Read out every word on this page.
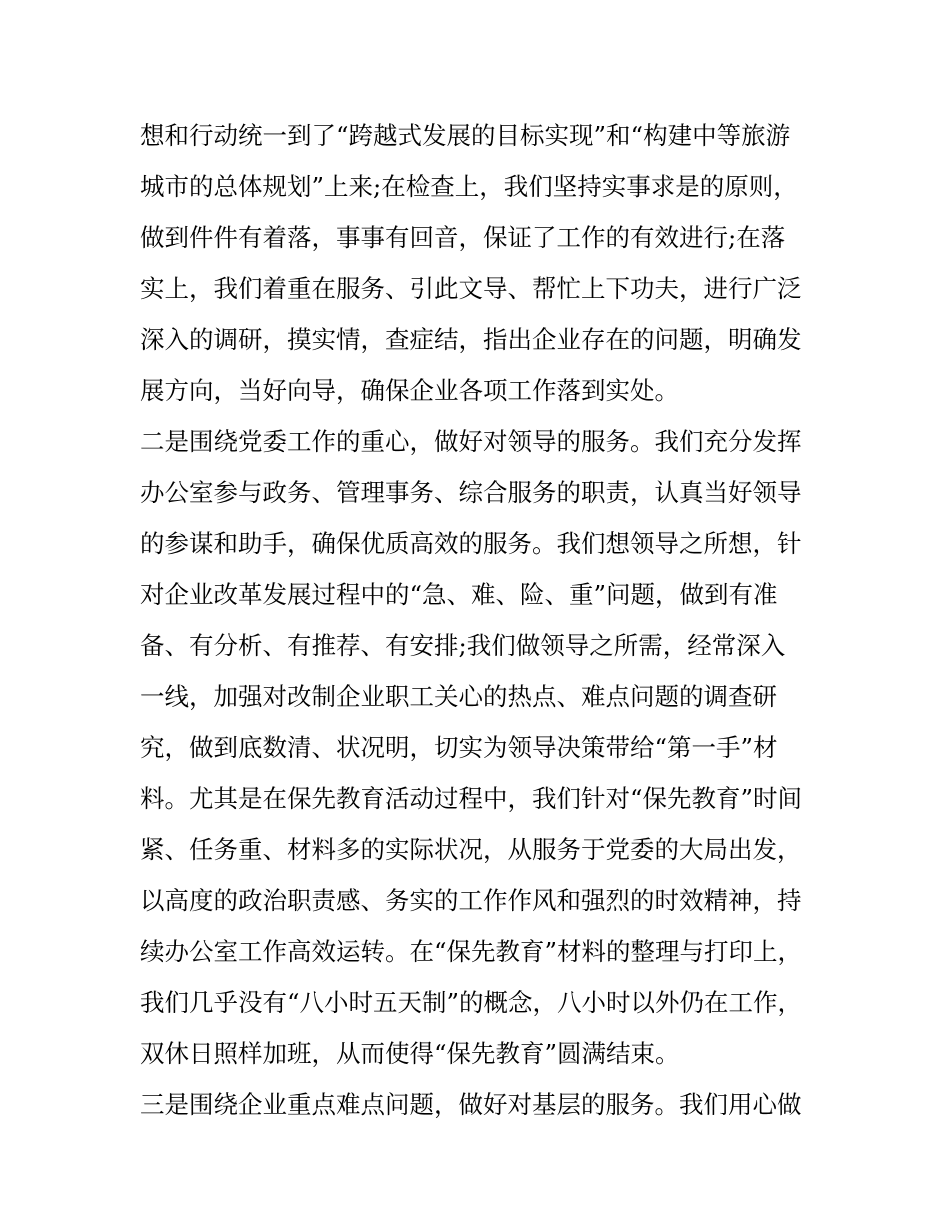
想和行动统一到了“跨越式发展的目标实现”和“构建中等旅游
城市的总体规划”上来;在检查上，我们坚持实事求是的原则，
做到件件有着落，事事有回音，保证了工作的有效进行;在落
实上，我们着重在服务、引此文导、帮忙上下功夫，进行广泛
深入的调研，摸实情，查症结，指出企业存在的问题，明确发
展方向，当好向导，确保企业各项工作落到实处。
二是围绕党委工作的重心，做好对领导的服务。我们充分发挥
办公室参与政务、管理事务、综合服务的职责，认真当好领导
的参谋和助手，确保优质高效的服务。我们想领导之所想，针
对企业改革发展过程中的“急、难、险、重”问题，做到有准
备、有分析、有推荐、有安排;我们做领导之所需，经常深入
一线，加强对改制企业职工关心的热点、难点问题的调查研
究，做到底数清、状况明，切实为领导决策带给“第一手”材
料。尤其是在保先教育活动过程中，我们针对“保先教育”时间
紧、任务重、材料多的实际状况，从服务于党委的大局出发，
以高度的政治职责感、务实的工作作风和强烈的时效精神，持
续办公室工作高效运转。在“保先教育”材料的整理与打印上，
我们几乎没有“八小时五天制”的概念，八小时以外仍在工作，
双休日照样加班，从而使得“保先教育”圆满结束。
三是围绕企业重点难点问题，做好对基层的服务。我们用心做
